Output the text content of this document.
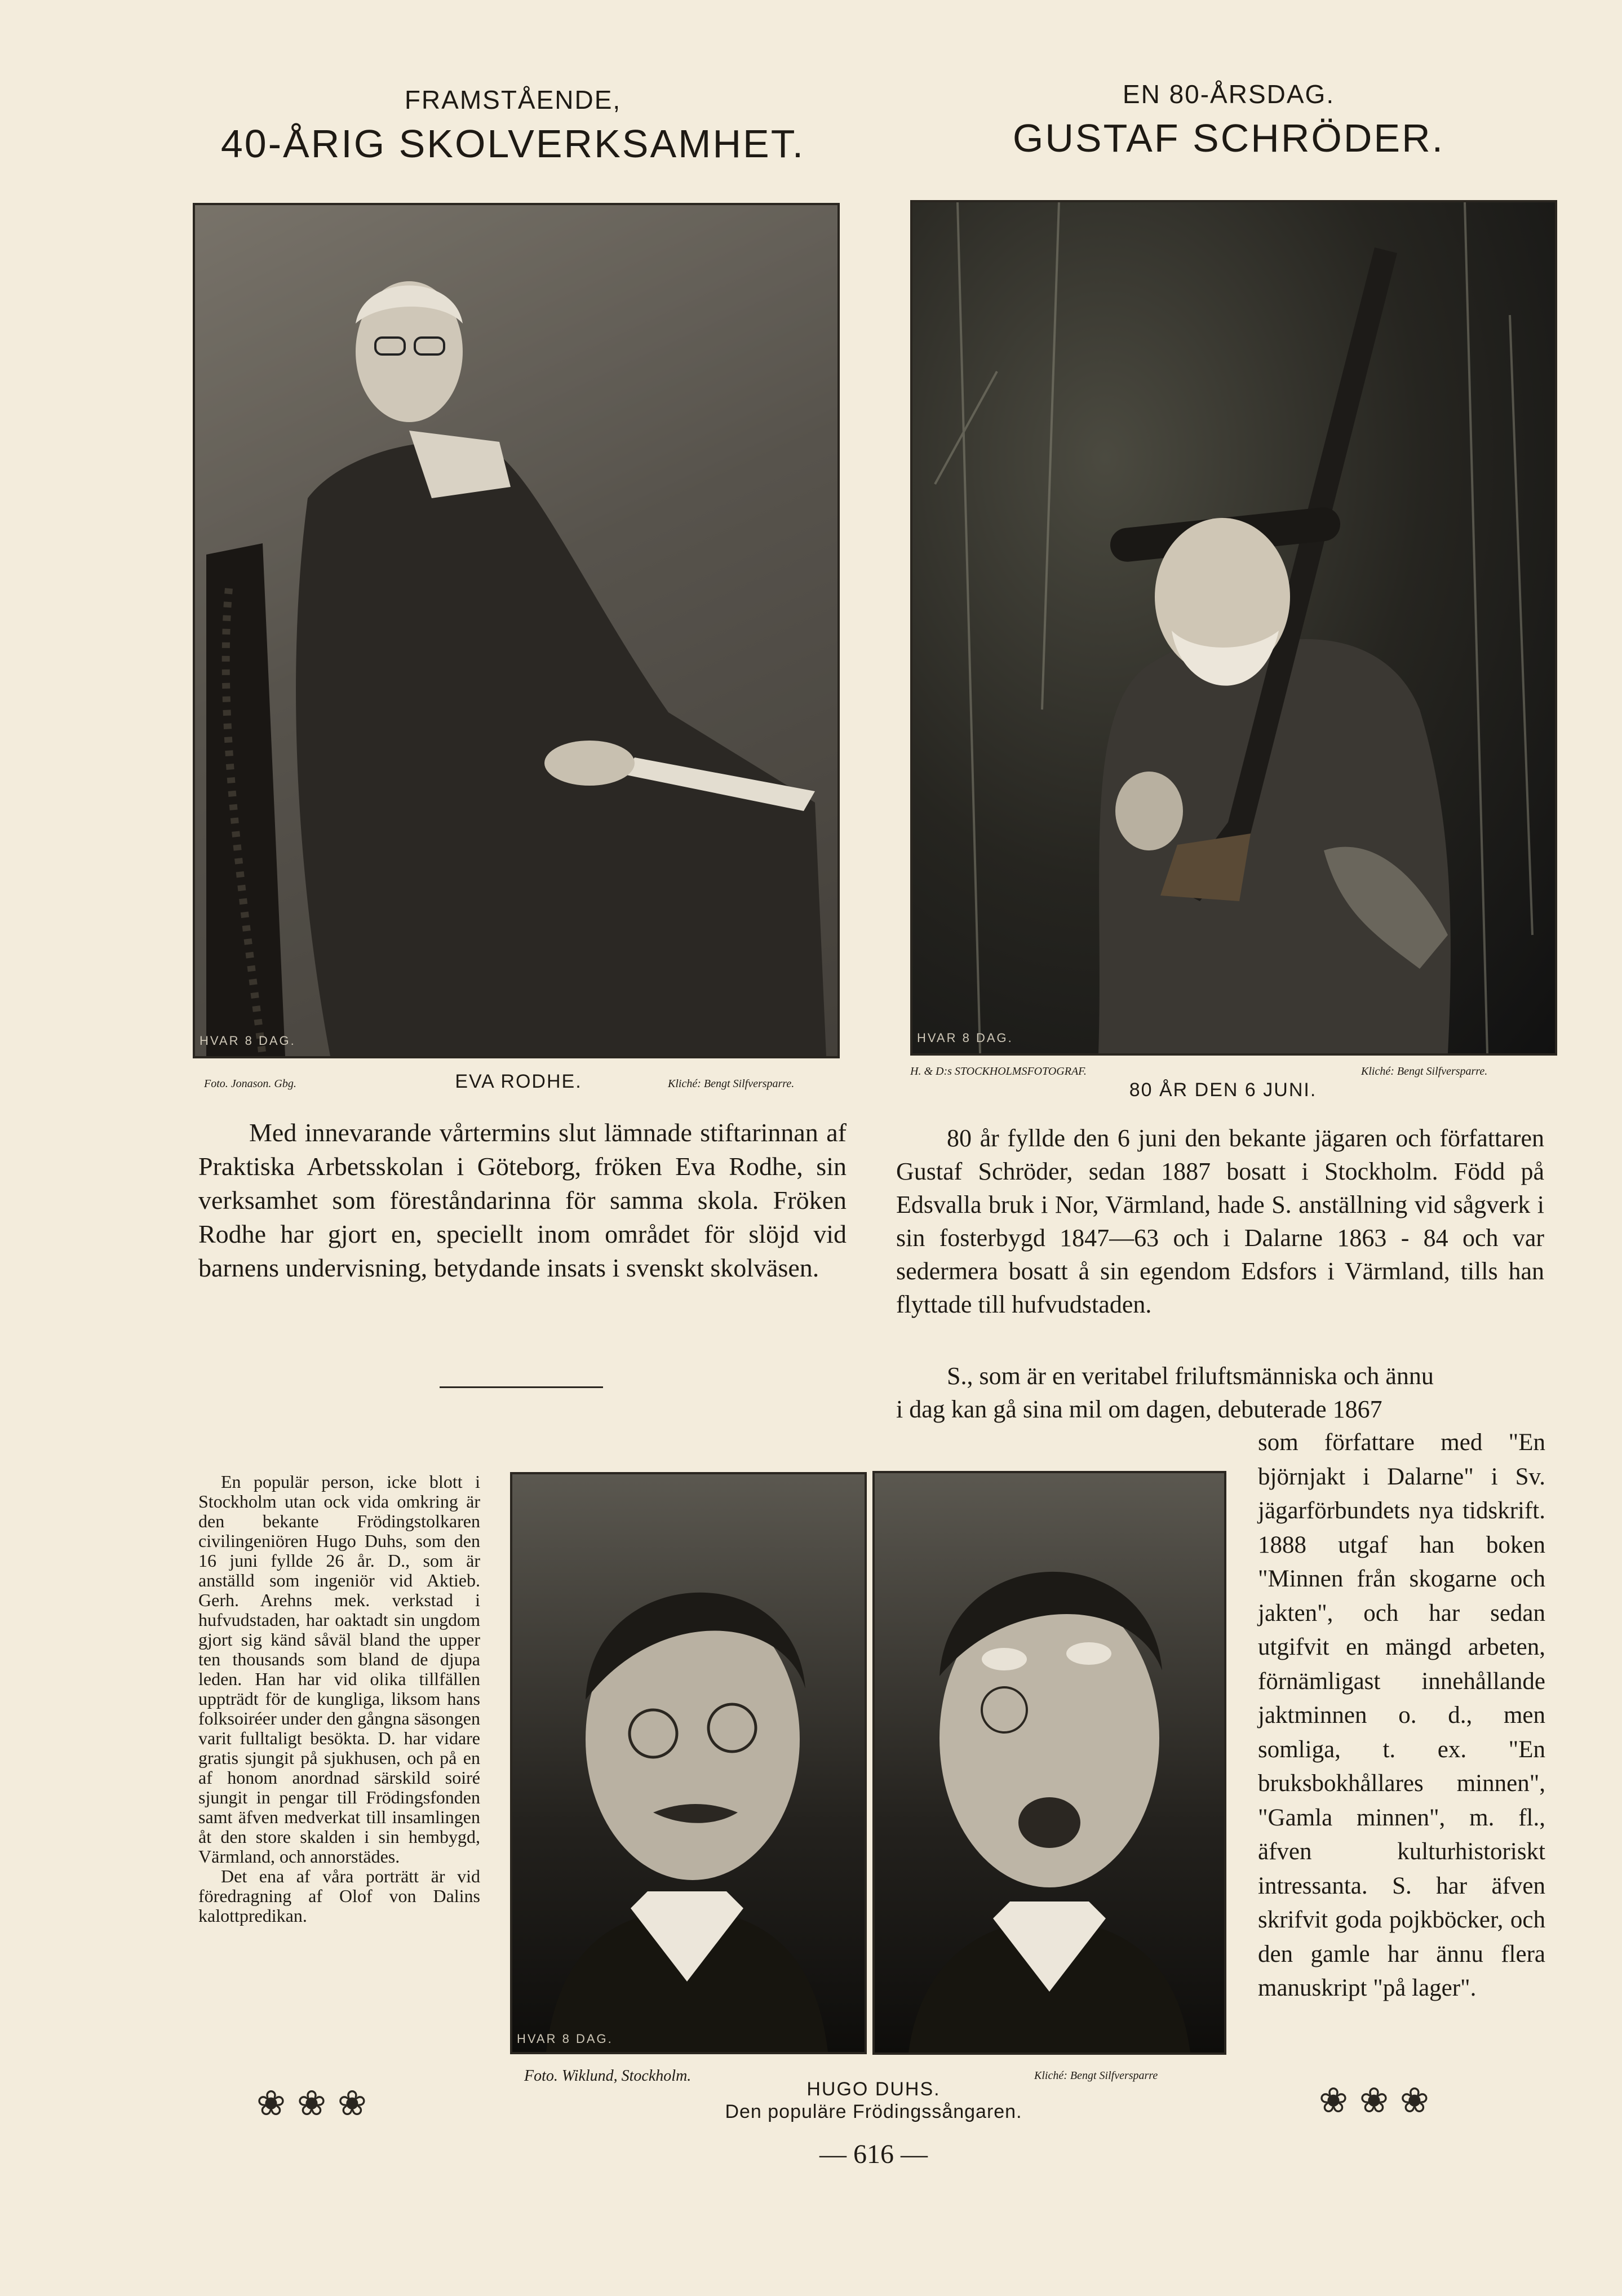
FRAMSTÅENDE,
40-ÅRIG SKOLVERKSAMHET.
EN 80-ÅRSDAG.
GUSTAF SCHRÖDER.
HVAR 8 DAG.	HVAR 8 DAG.
Foto. Jonason. Gbg.	EVA RODHE.	Kliché: Bengt Silfversparre.
H. & D:s STOCKHOLMSFOTOGRAF.	Kliché: Bengt Silfversparre.
80 ÅR DEN 6 JUNI.
Med innevarande vårtermins slut lämnade stiftarinnan af Praktiska Arbetsskolan i Göteborg, fröken Eva Rodhe, sin verksamhet som föreståndarinna för samma skola. Fröken Rodhe har gjort en, speciellt inom området för slöjd vid barnens undervisning, betydande insats i svenskt skolväsen.
80 år fyllde den 6 juni den bekante jägaren och författaren Gustaf Schröder, sedan 1887 bosatt i Stockholm. Född på Edsvalla bruk i Nor, Värmland, hade S. anställning vid sågverk i sin fosterbygd 1847—63 och i Dalarne 1863 - 84 och var sedermera bosatt å sin egendom Edsfors i Värmland, tills han flyttade till hufvudstaden.
S., som är en veritabel friluftsmänniska och ännu
i dag kan gå sina mil om dagen, debuterade 1867
som författare med "En björnjakt i Dalarne" i Sv. jägarförbundets nya tidskrift. 1888 utgaf han boken "Minnen från skogarne och jakten", och har sedan utgifvit en mängd arbeten, förnämligast innehållande jaktminnen o. d., men somliga, t. ex. "En bruksbokhållares minnen", "Gamla minnen", m. fl., äfven kulturhistoriskt intressanta. S. har äfven skrifvit goda pojkböcker, och den gamle har ännu flera manuskript "på lager".

En populär person, icke blott i Stockholm utan ock vida omkring är den bekante Frödingstolkaren civilingeniören Hugo Duhs, som den 16 juni fyllde 26 år. D., som är anställd som ingeniör vid Aktieb. Gerh. Arehns mek. verkstad i hufvudstaden, har oaktadt sin ungdom gjort sig känd såväl bland the upper ten thousands som bland de djupa leden. Han har vid olika tillfällen uppträdt för de kungliga, liksom hans folksoiréer under den gångna säsongen varit fulltaligt besökta. D. har vidare gratis sjungit på sjukhusen, och på en af honom anordnad särskild soiré sjungit in pengar till Frödingsfonden samt äfven medverkat till insamlingen åt den store skalden i sin hembygd, Värmland, och annorstädes.

Det ena af våra porträtt är vid föredragning af Olof von Dalins kalottpredikan.

HVAR 8 DAG.
Foto. Wiklund, Stockholm.	Kliché: Bengt Silfversparre
HUGO DUHS.
Den populäre Frödingssångaren.
❀❀❀	❀❀❀
— 616 —
